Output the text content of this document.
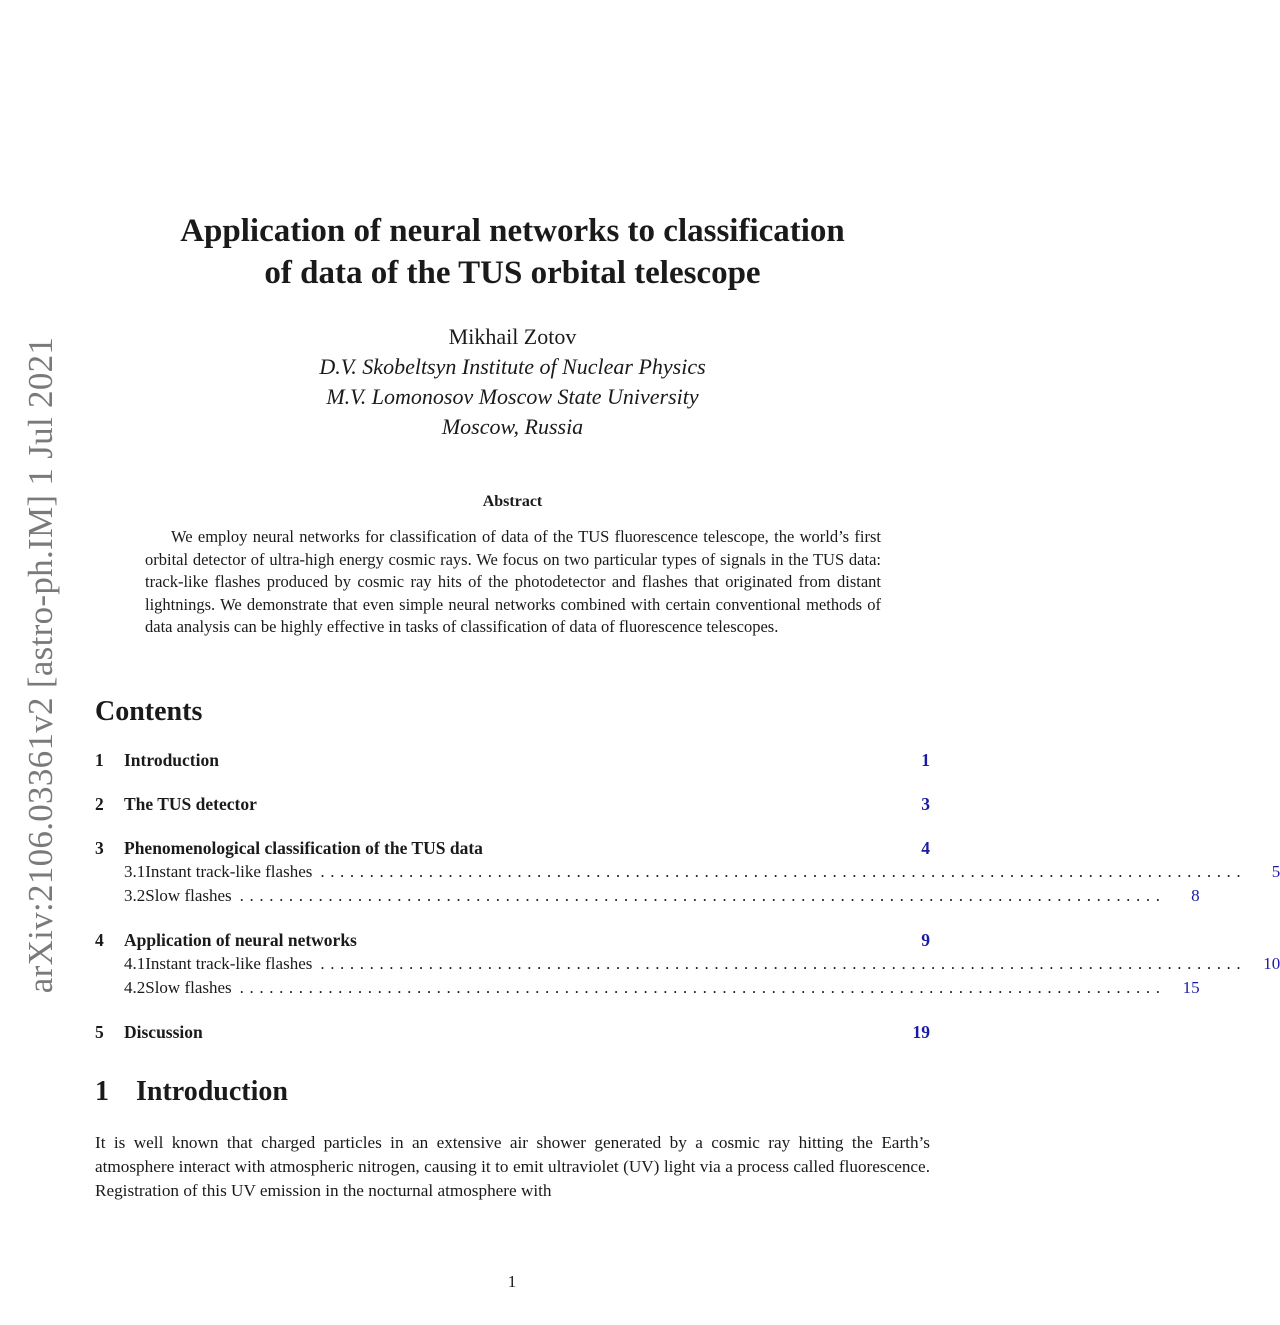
arXiv:2106.03361v2 [astro-ph.IM] 1 Jul 2021
Application of neural networks to classification
of data of the TUS orbital telescope
Mikhail Zotov
D.V. Skobeltsyn Institute of Nuclear Physics
M.V. Lomonosov Moscow State University
Moscow, Russia
Abstract

We employ neural networks for classification of data of the TUS fluorescence telescope, the world’s first orbital detector of ultra-high energy cosmic rays. We focus on two particular types of signals in the TUS data: track-like flashes produced by cosmic ray hits of the photodetector and flashes that originated from distant lightnings. We demonstrate that even simple neural networks combined with certain conventional methods of data analysis can be highly effective in tasks of classification of data of fluorescence telescopes.

Contents
1	Introduction	1
2	The TUS detector	3
3	Phenomenological classification of the TUS data	4
3.1 Instant track-like flashes ..............................................................................................	5
3.2 Slow flashes ..............................................................................................	8
4	Application of neural networks	9
4.1 Instant track-like flashes ..............................................................................................	10
4.2 Slow flashes ..............................................................................................	15
5	Discussion	19
1 Introduction

It is well known that charged particles in an extensive air shower generated by a cosmic ray hitting the Earth’s atmosphere interact with atmospheric nitrogen, causing it to emit ultraviolet (UV) light via a process called fluorescence. Registration of this UV emission in the nocturnal atmosphere with

1
